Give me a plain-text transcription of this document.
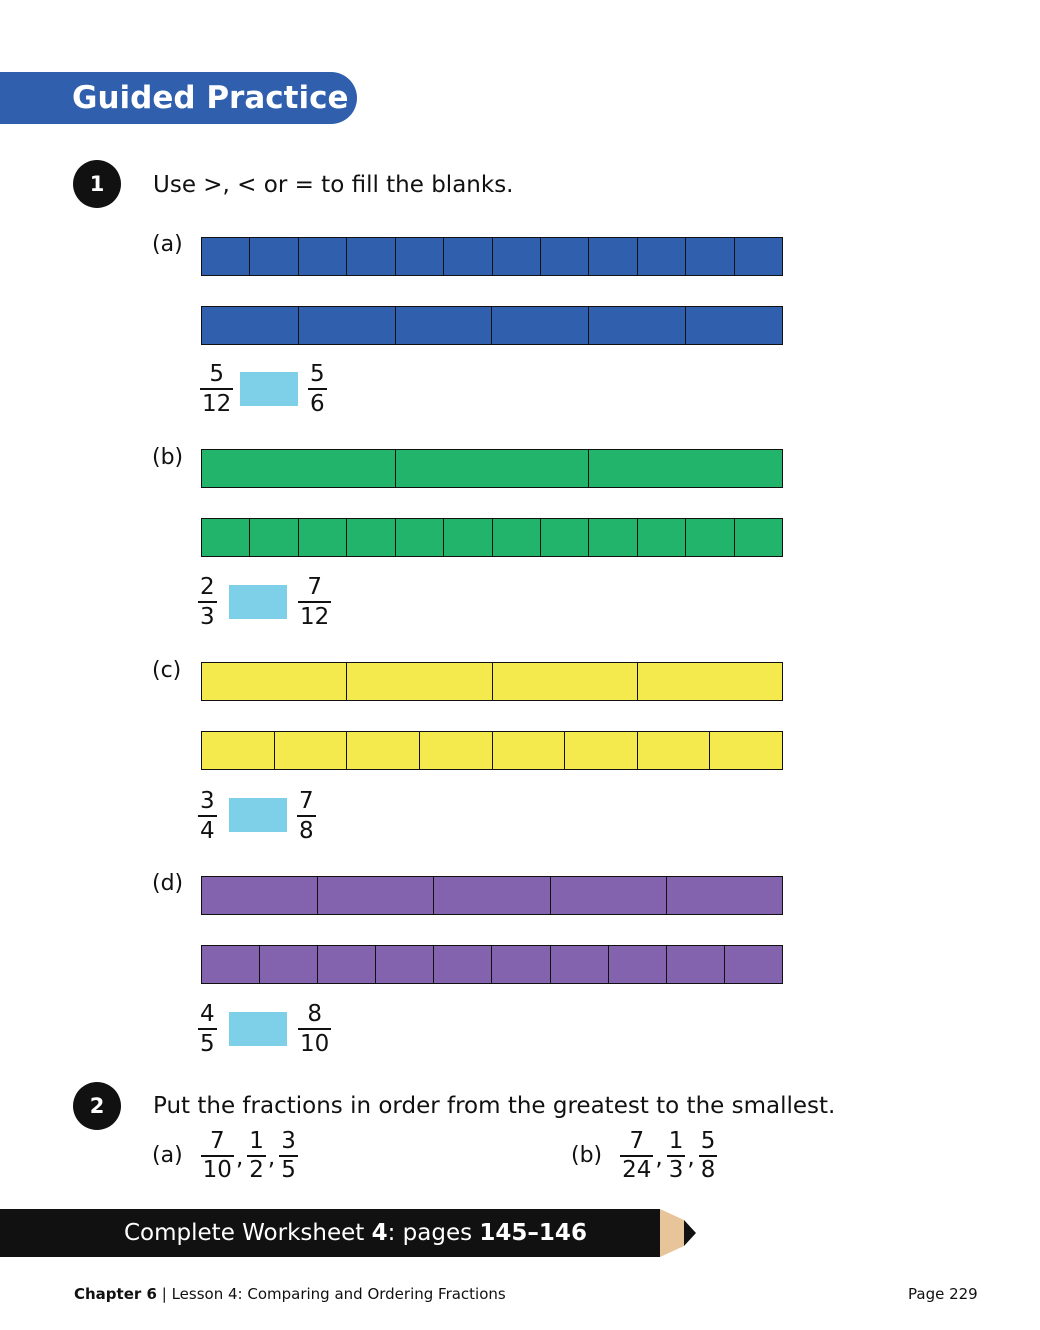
Guided Practice
1	Use >, < or = to fill the blanks.
(a)
5
12
5
6
(b)
2
3
7
12
(c)
3
4
7
8
(d)
4
5
8
10
2	Put the fractions in order from the greatest to the smallest.
$(a) \frac{7}{10}$ , $\frac{1}{2}$ , $\frac{3}{5}$	$(b) \frac{7}{24}$ , $\frac{1}{3}$ , $\frac{5}{8}$
Complete Worksheet 4: pages 145–146
Chapter 6 | Lesson 4: Comparing and Ordering Fractions	Page 229
